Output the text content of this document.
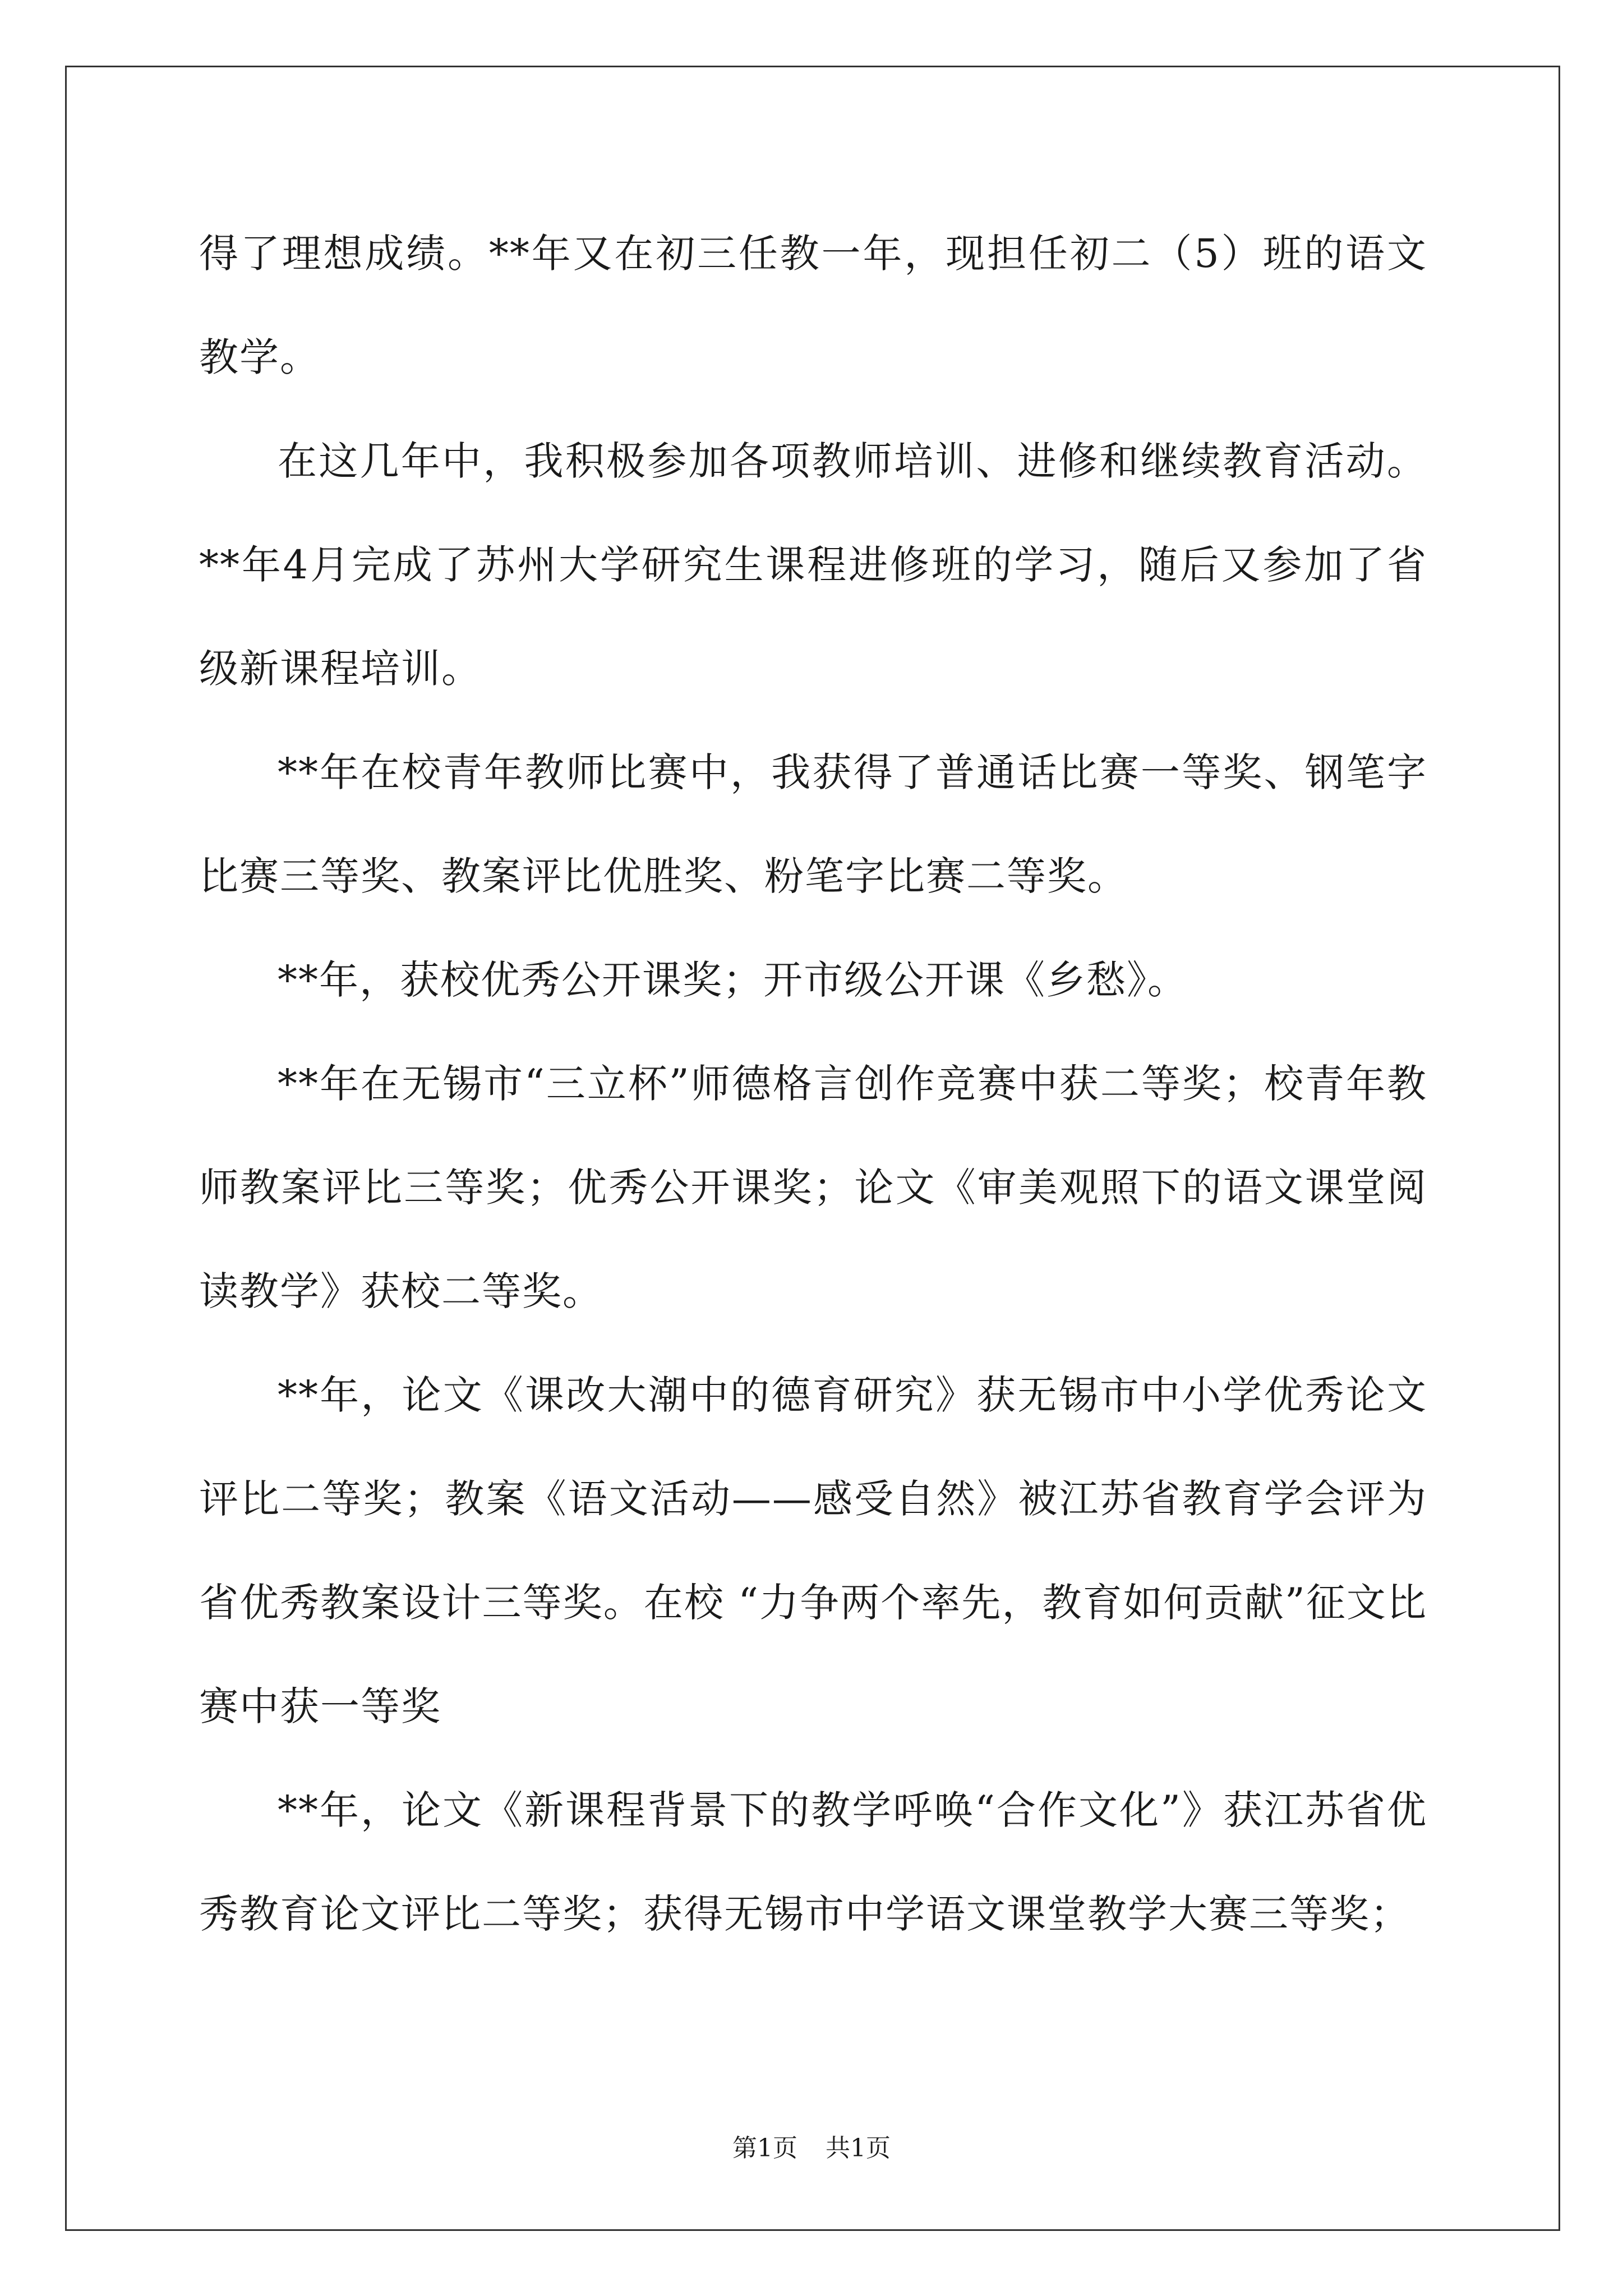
得了理想成绩。**年又在初三任教一年，现担任初二（5）班的语文教学。

在这几年中，我积极参加各项教师培训、进修和继续教育活动。**年4月完成了苏州大学研究生课程进修班的学习，随后又参加了省级新课程培训。

**年在校青年教师比赛中，我获得了普通话比赛一等奖、钢笔字比赛三等奖、教案评比优胜奖、粉笔字比赛二等奖。

**年，获校优秀公开课奖；开市级公开课《乡愁》。

**年在无锡市“三立杯”师德格言创作竞赛中获二等奖；校青年教师教案评比三等奖；优秀公开课奖；论文《审美观照下的语文课堂阅读教学》获校二等奖。

**年，论文《课改大潮中的德育研究》获无锡市中小学优秀论文评比二等奖；教案《语文活动——感受自然》被江苏省教育学会评为省优秀教案设计三等奖。在校 “力争两个率先，教育如何贡献”征文比赛中获一等奖

**年，论文《新课程背景下的教学呼唤“合作文化”》获江苏省优秀教育论文评比二等奖；获得无锡市中学语文课堂教学大赛三等奖；

第1页 共1页
